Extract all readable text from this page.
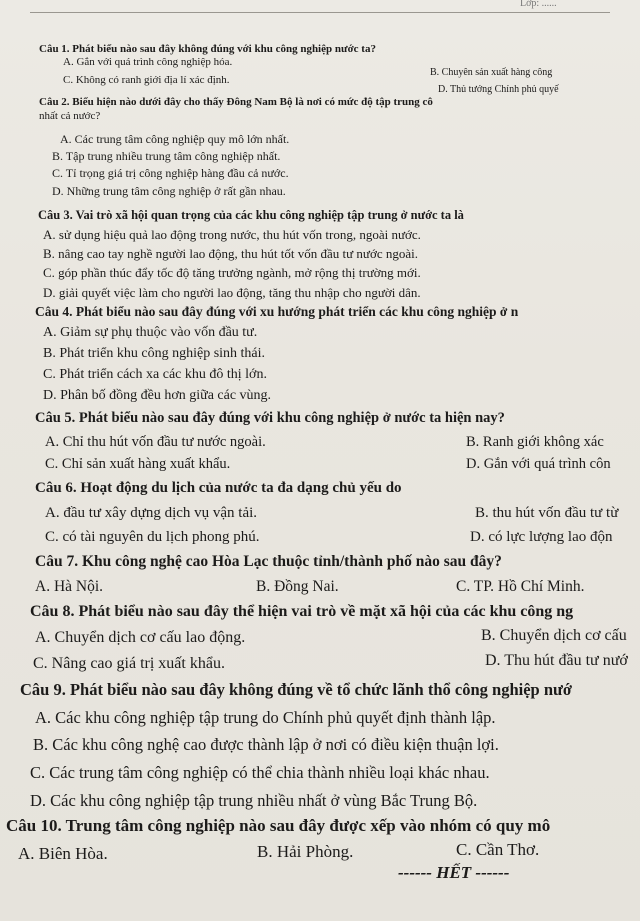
Lớp: ......
Câu 1. Phát biểu nào sau đây không đúng với khu công nghiệp nước ta?
A. Gắn với quá trình công nghiệp hóa.
B. Chuyên sản xuất hàng công
C. Không có ranh giới địa lí xác định.
D. Thủ tướng Chính phủ quyế
Câu 2. Biểu hiện nào dưới đây cho thấy Đông Nam Bộ là nơi có mức độ tập trung cô
nhất cả nước?
A. Các trung tâm công nghiệp quy mô lớn nhất.
B. Tập trung nhiều trung tâm công nghiệp nhất.
C. Tỉ trọng giá trị công nghiệp hàng đầu cả nước.
D. Những trung tâm công nghiệp ở rất gần nhau.
Câu 3. Vai trò xã hội quan trọng của các khu công nghiệp tập trung ở nước ta là
A. sử dụng hiệu quả lao động trong nước, thu hút vốn trong, ngoài nước.
B. nâng cao tay nghề người lao động, thu hút tốt vốn đầu tư nước ngoài.
C. góp phần thúc đẩy tốc độ tăng trưởng ngành, mở rộng thị trường mới.
D. giải quyết việc làm cho người lao động, tăng thu nhập cho người dân.
Câu 4. Phát biểu nào sau đây đúng với xu hướng phát triển các khu công nghiệp ở n
A. Giảm sự phụ thuộc vào vốn đầu tư.
B. Phát triển khu công nghiệp sinh thái.
C. Phát triển cách xa các khu đô thị lớn.
D. Phân bố đồng đều hơn giữa các vùng.
Câu 5. Phát biểu nào sau đây đúng với khu công nghiệp ở nước ta hiện nay?
A. Chỉ thu hút vốn đầu tư nước ngoài.	B. Ranh giới không xác
C. Chỉ sản xuất hàng xuất khẩu.	D. Gắn với quá trình côn
Câu 6. Hoạt động du lịch của nước ta đa dạng chủ yếu do
A. đầu tư xây dựng dịch vụ vận tải.	B. thu hút vốn đầu tư từ
C. có tài nguyên du lịch phong phú.	D. có lực lượng lao độn
Câu 7. Khu công nghệ cao Hòa Lạc thuộc tỉnh/thành phố nào sau đây?
A. Hà Nội.	B. Đồng Nai.	C. TP. Hồ Chí Minh.
Câu 8. Phát biểu nào sau đây thể hiện vai trò về mặt xã hội của các khu công ng
A. Chuyển dịch cơ cấu lao động.	B. Chuyển dịch cơ cấu
C. Nâng cao giá trị xuất khẩu.	D. Thu hút đầu tư nướ
Câu 9. Phát biểu nào sau đây không đúng về tổ chức lãnh thổ công nghiệp nướ
A. Các khu công nghiệp tập trung do Chính phủ quyết định thành lập.
B. Các khu công nghệ cao được thành lập ở nơi có điều kiện thuận lợi.
C. Các trung tâm công nghiệp có thể chia thành nhiều loại khác nhau.
D. Các khu công nghiệp tập trung nhiều nhất ở vùng Bắc Trung Bộ.
Câu 10. Trung tâm công nghiệp nào sau đây được xếp vào nhóm có quy mô
A. Biên Hòa.	B. Hải Phòng.	C. Cần Thơ.
------ HẾT ------
